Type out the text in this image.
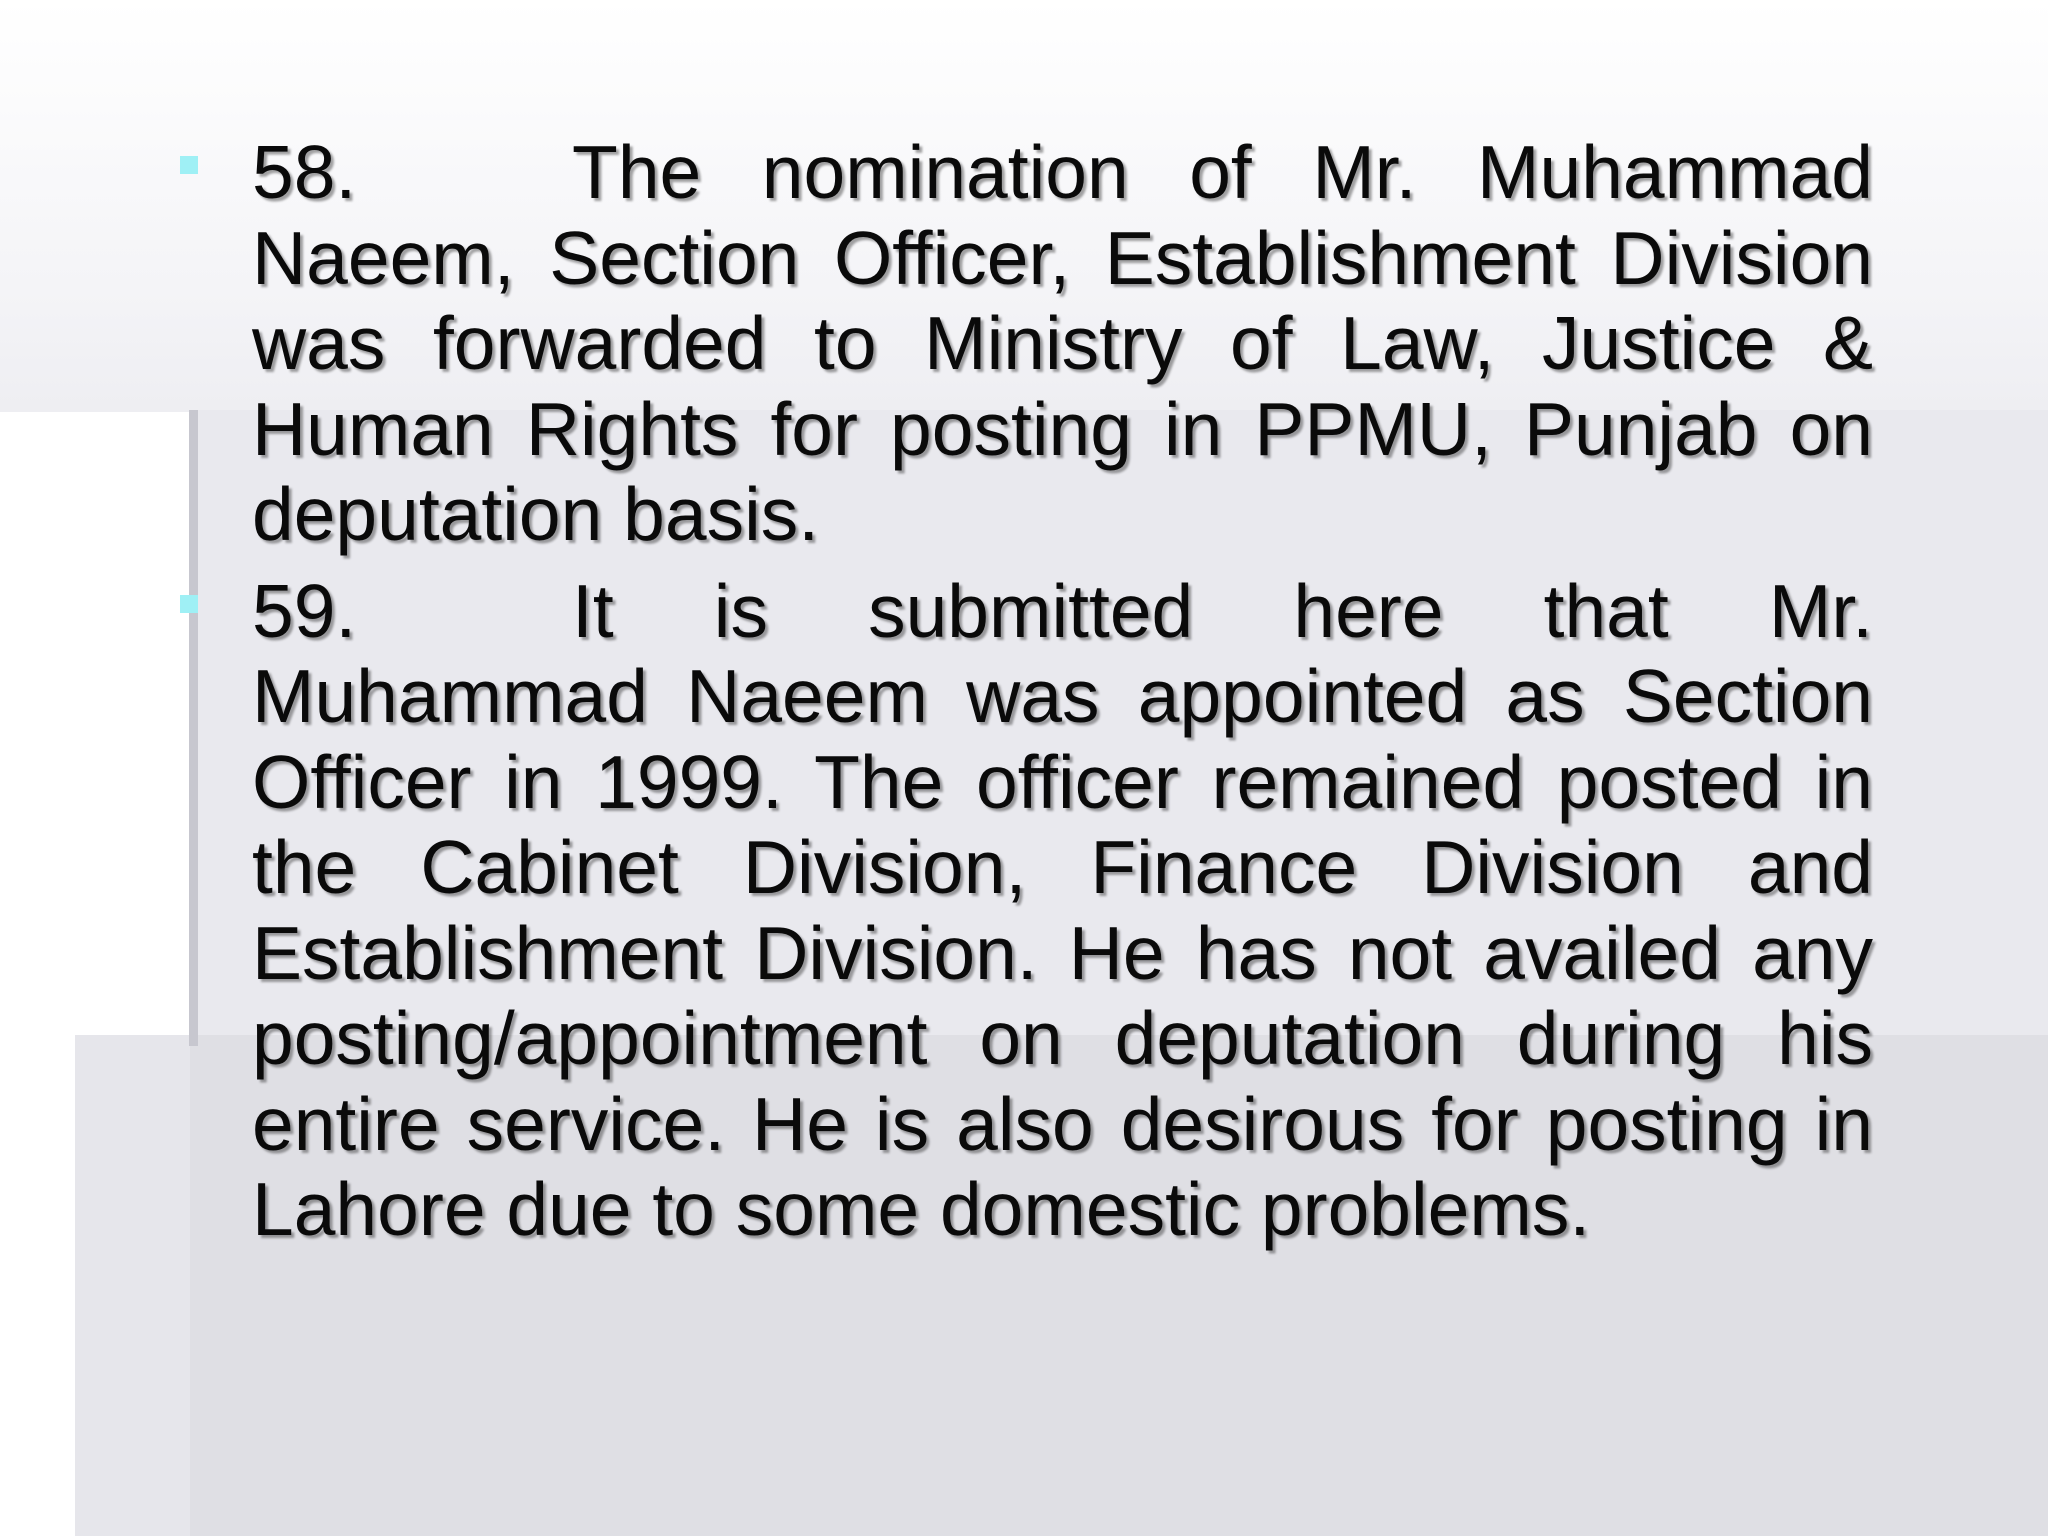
58.	The nomination of Mr. Muhammad Naeem, Section Officer, Establishment Division was forwarded to Ministry of Law, Justice & Human Rights for posting in PPMU, Punjab on deputation basis.
59.	It is submitted here that Mr. Muhammad Naeem was appointed as Section Officer in 1999. The officer remained posted in the Cabinet Division, Finance Division and Establishment Division. He has not availed any posting/appointment on deputation during his entire service. He is also desirous for posting in Lahore due to some domestic problems.
